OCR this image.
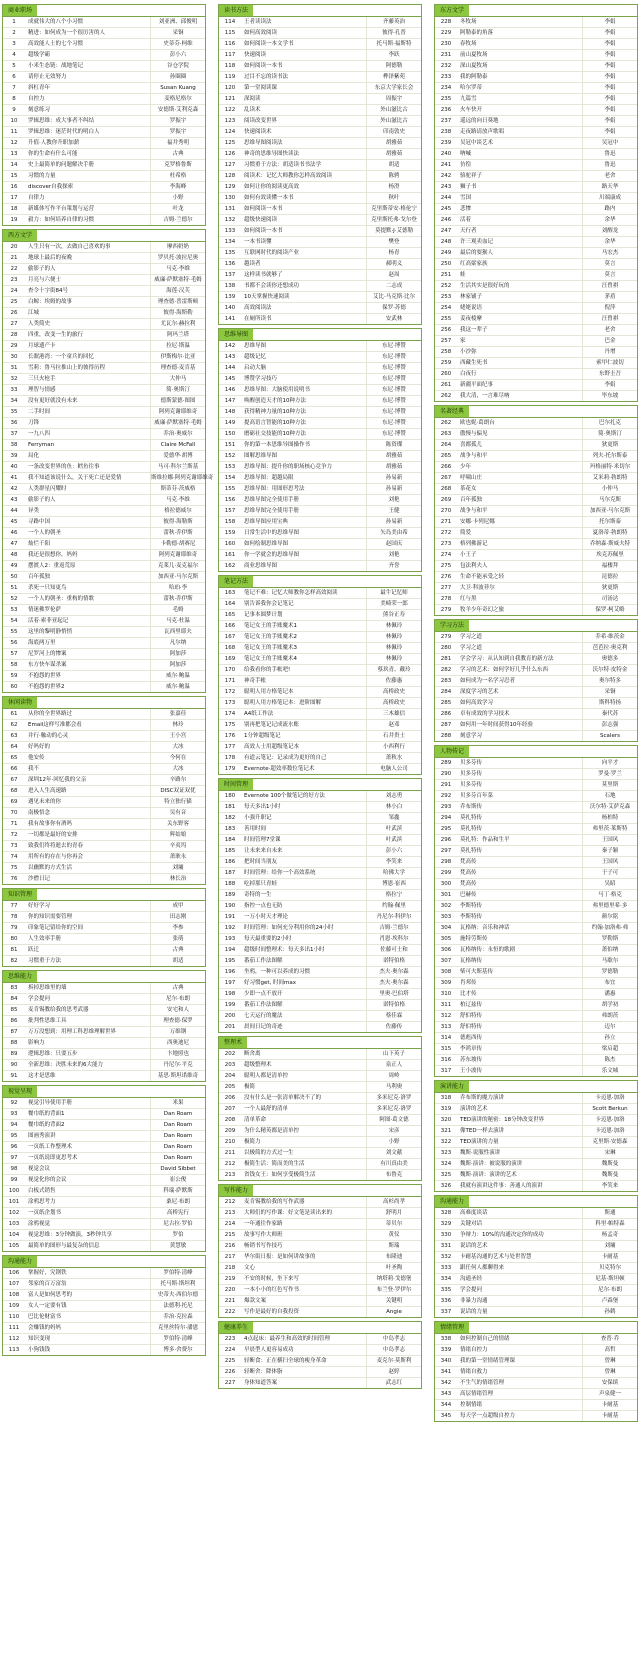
商业职场
1	成就伟大的八个小习惯	刘亚洲、邱俊明
2	精进：如何成为一个很厉害的人	采铜
3	高效能人士的七个习惯	史蒂芬·柯维
4	超级学霸	彭小六
5	小米生态链：战地笔记	谷仓学院
6	请停止无效努力	孙圈圈
7	斜杠青年	Susan Kuang
8	自控力	麦格尼格尔
9	刻意练习	安德斯·艾利克森
10	罗辑思维：成大事者不纠结	罗振宇
11	罗辑思维：迷茫时代的明白人	罗振宇
12	升值·人教你升职加薪	福井秀明
13	你的生命有什么可能	古典
14	史上最简单的问题解决手册	克罗格鲁斯
15	习惯的力量	杜希格
16	discover自我探索	李海峰
17	自律力	小野
18	新媒体写作平台策划与运营	叶龙
19	毅力：如何培养自律的习惯	吉姆·兰德尔
西方文学
20	人生只有一次，去做自己喜欢的事	摩西奶奶
21	地球上最后的夜晚	罗贝托·波拉尼奥
22	偷影子的人	马克·李维
23	月亮与六便士	威廉·萨默塞特·毛姆
24	查令十字街84号	海莲·汉芙
25	白鲸：埃姆的故事	理查德·普雷斯顿
26	江城	彼得·海斯勒
27	人类简史	尤瓦尔·赫拉利
28	四重，改变一生的旅行	阿玛兰塔
29	月球遗产卡	拉尼·斯温
30	长眠港湾：一个童兵的回忆	伊斯梅尔·比亚
31	雪莉：鲁马拉推山上的彼得历程	理查德·麦肯基
32	三只火枪手	大仲马
33	理智与情感	简·奥斯汀
34	没有更好就没有未来	德斯蒙德·图图
35	二手时间	阿列克谢耶维奇
36	刀锋	威廉·萨默塞特·毛姆
37	一九八四	乔治·奥威尔
38	Ferryman	Claire McFall
39	局化	爱德华·胡博
40	一条改变世界的鱼：鳕鱼往事	马可·科尔兰斯基
41	我不知道该说什么，关于死亡还是爱情	斯维拉娜·阿列克谢耶维奇
42	人类群星闪耀时	斯蒂芬·茨威格
43	偷影子的人	马克·李维
44	异类	格拉德威尔
45	寻路中国	彼得·海勒斯
46	一个人的朝圣	蕾秋·乔伊斯
47	灿烂千阳	卡勒德·胡赛尼
48	我还是很想你，妈妈	阿列克谢耶维奇
49	摆渡人2：重返荒原	克莱儿·麦克福尔
50	百年孤独	加西亚·马尔克斯
51	杀死一只知更鸟	哈珀·李
52	一个人的朝圣：重构的情歌	蕾秋·乔伊斯
53	情迷佛罗伦萨	毛姆
54	活着·索菲亚起记	马克·杜温
55	这里的黎明静悄悄	瓦西里耶夫
56	海底两万里	凡尔纳
57	尼罗河上的惨案	阿加莎
58	东方快车谋杀案	阿加莎
59	不抱怨的世界	威尔·鲍温
60	不抱怨的世界2	威尔·鲍温
休闲读物
61	从你的全世界路过	张嘉佳
62	Email这样写准都会看	林玲
63	并行·触动的心灵	王小宫
64	好吗好的	大冰
65	他安传	今何在
66	我不	大冰
67	深圳12年·回忆我的父亲	辛路尔
68	进入人生高速路	DISC双证双优
69	遇见未来的你	特立独行猫
70	南极悟念	吴有音
71	我有故事你有酒吗	关东野客
72	一切都是最好的安排	辉姑娘
73	致我们终将逝去的青春	辛夷坞
74	用所有的存在与你再会	萧耿永
75	以幽默的方式生活	刘墉
76	沙僧日记	林长治
知识管理
77	好好学习	成甲
78	你的知识需要管理	田志刚
79	印象笔记留给你的空间	李参
80	人生效率手册	张萌
81	跃迁	古典
82	习惯重于方法	胡适
思维能力
83	拆掉思维里的墙	古典
84	学会提问	尼尔·布朗
85	麦肯锡教给我的思考武器	安宅和人
86	批判性思维工具	理查德·保罗
87	万万没想到：用理工科思维理解世界	万维钢
88	影响力	西奥迪尼
89	逻辑思维：只要五步	卞地照也
90	全新思维：决胜未来的6大能力	丹尼尔·平克
91	这才是思维	基思·斯坦诺维奇
视觉呈现
92	视觉引导使用手册	米果
93	餐巾纸的背面1	Dan Roam
94	餐巾纸的背面2	Dan Roam
95	图画秀演讲	Dan Roam
96	一页纸工作整理术	Dan Roam
97	一页纸说即更思考术	Dan Roam
98	视觉会议	David Sibbet
99	视觉化你的会议	崔公俊
100	白板式销售	科瑞·萨默斯
101	涂鸦思考力	桑尼·布朗
102	一页纸企划书	高桥宪行
103	涂鸦视觉	尼古拉·罗伯
104	视觉思维：3分钟做演，3秒钟共享	罗伯
105	最简单的图形与最复杂的信息	黄慧敏
沟通能力
106	掌握好，究钢铁	罗伯特·清峰
107	邻家的百万富翁	托马斯·斯坦利
108	富人是如何思考的	史蒂夫·西伯尔德
109	女人一定要有钱	法德利·托尼
110	巴比伦财富书	乔治·克拉森
111	会赚钱的妈妈	克里丝特尔·潘恩
112	知识变现	罗伯特·清峰
113	小狗钱钱	博多·舍费尔
读书方法
114	王者读读法	齐藤英治
115	如何高效阅读	彼得·孔普
116	如何阅读一本文学书	托马斯·福斯特
117	快速阅读	李跃
118	如何阅读一本书	阿德勒
119	过目不忘的读书法	桦泽紫苑
120	第一堂阅读课	东京大学家长会
121	深阅读	周振宇
122	乱读术	外山滋比古
123	阅读改变世界	外山滋比古
124	快速阅读术	印南敦史
125	思维导图阅读法	胡雅茹
126	神奇的思维导图快读法	胡雅茹
127	习惯重于方法：胡适读书书法学	胡适
128	阅读术：记忆大师教你怎样高效阅读	陈骋
129	如何让你的阅读更高效	杨澄
130	如何有效读懂一本书	秋叶
131	如何阅读一本书	克里斯蒂安·格伦宁
132	超级快速阅读	克里斯托弗·戈尔登
133	如何阅读一本书	莫提默·J·艾德勒
134	一本书读懂	樊登
135	互联网时代的阅读产业	杨青
136	越读者	郝明义
137	这样读书就够了	赵周
138	书都不会读你还想成功	二志成
139	10天掌握快速阅读	艾比·马克斯·比尔
140	高效阅读法	保罗·苏德
141	在厕所读书	安武林
思维导图
142	思维导图	东尼·博赞
143	超级记忆	东尼·博赞
144	启动大脑	东尼·博赞
145	博赞学习技巧	东尼·博赞
146	思维导图：大脑使用说明书	东尼·博赞
147	唤醒创造天才的10种方法	东尼·博赞
148	获得精神力量的10种方法	东尼·博赞
149	提高语言智能的10种方法	东尼·博赞
150	磨砺社交技能的10种方法	东尼·博赞
151	你的第一本思维导图操作书	陈资璨
152	图解思维导图	胡雅茹
153	思维导图：提升你的职场核心竞争力	胡雅茹
154	思维导图：超越局限	孙易新
155	思维导图：用图形思考法	孙易新
156	思维导图完全使用手册	刘艳
157	思维导图完全使用手册	王健
158	思维导图应用宝典	孙易新
159	日常生活中的思维导图	矢岛美由希
160	如何绘制思维导图	赵国庆
161	你一学就会的思维导图	刘艳
162	商业思维导图	齐誉
笔记方法
163	笔记不难：记忆大师教你怎样高效阅读	最牛记忆师
164	别告诉我你会记笔记	美崎荣一郎
165	记事本圆梦计划	熊谷正寿
166	笔记女王的手账魔术1	林佩玲
167	笔记女王的手账魔术2	林佩玲
168	笔记女王的手账魔术3	林佩玲
169	笔记女王的手账魔术4	林佩玲
170	给我看你的手帐吧!	蔡玖青、戴玲
171	神奇手帐	佐藤惠
172	聪明人用方格笔记本	高桥政史
173	聪明人用方格笔记本：进阶图解	高桥政史
174	A4纸工作法	三木雄信
175	别再把笔记记成流水账	赵邓
176	1分钟超级笔记	石井贵士
177	高效人士用超级笔记本	小西利行
178	有道云笔记：记录成为更好的自己	萧秋水
179	Evernote·超效率数位笔记术	电脑人公司
时间管理
180	Evernote 100个做笔记的好方法	刘志勇
181	每天多出1小时	林小白
182	小强升职记	邹鑫
183	善用时间	叶武滨
184	时间管理7堂课	叶武滨
185	让未来来自未来	彭小六
186	把时间当朋友	李笑来
187	时间管理：给你一个高效系统	哈佛大学
188	吃掉那只青蛙	博恩·崔西
189	奇特的一生	格拉宁
190	指控一点也无防	约翰·佩里
191	一万小时天才理论	丹尼尔·科伊尔
192	时间管理：如何充分利用你的24小时	吉姆·兰德尔
193	每天最重要的2小时	肖恩·埃科尔
194	超级时间整理术：每天多出1小时	佐藤可士和
195	番茄工作法图解	诺特伯格
196	坐鸦，一种可以养成的习惯	杰夫·奥尔森
197	好习惯get, 时间max	杰夫·奥尔森
198	少即一点不放开	里奥·巴伯塔
199	番茄工作法图解	诺特伯格
200	七天运行的魔法	蔡佳霖
201	晨间日记的奇迹	佐藤传
整理术
202	断舍离	山下英子
203	超级整理术	泉正人
204	聪明人都是清单控	周岭
205	极简	马利奥
206	没有什么是一张清单解决不了的	多米尼克·洛罗
207	一个人最舒的清单	多米尼克·洛罗
208	清单革命	阿图·葛文德
209	为什么精英都是清单控	宋彦
210	极简力	小野
211	以极简的方式过一生	刘文献
212	极简生活：简而美的生活	有川真由美
213	省钱女王：如何享受极简生活	布鲁克
写作能力
212	麦肯锡教给我的写作武器	高杉尚孝
213	大师们的写作课：好文笔是读出来的	舒明月
214	一年通往作家路	蒂贝尔
215	故事写作大师班	黄仪
216	畅销书写作技巧	斯瑞
217	华尔街日报：是如何讲故事的	布隆迪
218	文心	叶圣陶
219	不安的时候，坐下来写	纳塔莉·戈德堡
220	一本小小的红色写作书	布兰登·罗伊尔
221	爆款文案	关键明
222	写作是最好的自我投资	Angie
健康养生
223	4点起床：最养生和高效的时间管理	中岛孝志
224	早晨型人更容易成功	中岛孝志
225	轻断食：正在横扫全球的瘦身革命	麦克尔·莫斯利
226	轻断舍：降体脂	赵婷
227	身体知道答案	武志红
东方文学
228	冬牧场	李娟
229	阿勒泰的角落	李娟
230	春牧场	李娟
231	前山夏牧场	李娟
232	深山夏牧场	李娟
233	我的阿勒泰	李娟
234	哈尔罗蒂	李娟
235	九篇雪	李娟
236	火车快开	李娟
237	遥远的向日葵地	李娟
238	走夜路请放声歌唱	李娟
239	吴冠中谈艺术	吴冠中
240	呐喊	鲁迅
241	彷徨	鲁迅
242	骆驼祥子	老舍
243	狮子书	路天华
244	雪国	川端康成
245	悲惨	路内
246	活着	余华
247	天行者	刘醒龙
248	许三观卖血记	余华
249	最后的耍猴人	马宏杰
250	红高粱家族	莫言
251	蛙	莫言
252	生活其实是很好玩的	汪曾祺
253	林家铺子	茅盾
254	姥姥说语	倪萍
255	姜夜棱摩	汪曾祺
256	我这一辈子	老舍
257	家	巴金
258	小沙弥	丹增
259	西藏生死书	索甲仁波切
260	白夜行	东野圭吾
261	新疆平面纪事	李娟
262	我大清，一言难尽吶	毕东坡
名著经典
262	欧也妮·葛朗台	巴尔扎克
263	傲慢与偏见	简·奥斯汀
264	喜都孤儿	狄更斯
265	战争与和平	列夫·托尔斯泰
266	少年	玛格丽特·米切尔
267	呼啸山庄	艾米莉·勃朗特
268	茶花女	小仲马
269	百年孤独	马尔克斯
270	战争与和平	加西亚·马尔克斯
271	安娜·卡列尼娜	托尔斯泰
272	简爱	夏洛蒂·勃朗特
273	格列佛游记	乔纳森·斯威夫特
274	小王子	埃克苏佩里
275	包法利夫人	福楼拜
276	生命不能承受之轻	昆德拉
277	大卫·科波菲尔	狄更斯
278	红与黑	司汤达
279	牧羊少年奇幻之旅	保罗·柯艾略
学习方法
279	学习之道	乔希·维茨金
280	学习之道	芭芭拉·奥克利
281	学会学习：从认知到自我教育的新方法	奥德多
282	学习的艺术：如何学好几乎什么东西	沃尔特·皮特金
283	如何成为一名学习忍者	奥尔特多
284	深度学习的艺术	采铜
285	如何高效学习	斯科特扬
286	卓有成效的学习技术	秦代苏
287	如何用一年时间获得10年经验	彭志强
288	刻意学习	Scalers
人物传记
289	贝多芬传	向平才
290	贝多芬传	罗曼·罗兰
291	贝多芬传	莫里斯
292	贝多芬百年菜	石地
293	乔布斯传	沃尔特·艾萨克森
294	莫扎特传	杨柏特
295	莫扎特传	弗里茨·莱斯特
296	莫扎特：作品和生平	王国风
297	莫扎特传	秦子颖
298	梵高传	王国风
299	梵高传	于子可
300	梵高传	吴昭
301	巴赫传	马丁·格克
302	李斯特传	弗里德里希·多
303	李斯特传	颜尔铭
304	瓦格纳：音乐和神话	约翰·加洛弗·弗
305	施特劳斯传	罗勒斯
306	瓦格纳传：永恒的歌剧	萧伯纳
307	瓦格纳传	马歇尔
308	柴可夫斯基传	罗德勒
309	肖邦传	布宜
310	比才传	潘惠
311	柏辽兹传	胡学初
312	舒伯特传	弗朗茨
313	舒伯特传	迈尔
314	德彪西传	孙立
315	李鸿章传	梁启超
316	苏东坡传	陈杰
317	王小波传	乐文城
演讲能力
318	乔布斯的魔力演讲	卡迈恩·加洛
319	演讲的艺术	Scott Berkun
320	TED演讲的秘密：18分钟改变世界	卡迈恩·加洛
321	像TED一样去演讲	卡迈恩·加洛
322	TED演讲的力量	克里斯·安德森
323	魏斯·说服性演讲	宋琳
324	魏斯·演讲：被说服的演讲	魏斯曼
325	魏斯·演讲：演讲的艺术	魏斯曼
326	我就有演讲这件事：善通人的演讲	李笑来
沟通能力
328	高难度谈话	斯通
329	关键对话	科里·帕特森
330	争辩力：10%的沟通决定你的成功	杨孟奇
331	说话的艺术	刘墉
332	卡耐基沟通的艺术与处世智慧	卡耐基
333	跟任何人都聊得来	贝克特尔
334	沟通圣经	尼基·斯坦顿
335	学会提问	尼尔·布朗
336	非暴力沟通	卢森堡
337	说话的力量	孙鹤
情绪管理
338	如何控制自己的情绪	查普·乔
339	情绪自控力	高哲
340	我的第一堂情绪管理课	曾琳
341	情绪自救力	曾琳
342	不生气的情绪管理	安保缤
343	高层情绪管理	声泉健一
344	控制情绪	卡耐基
345	每天学一点超级自控力	卡耐基
